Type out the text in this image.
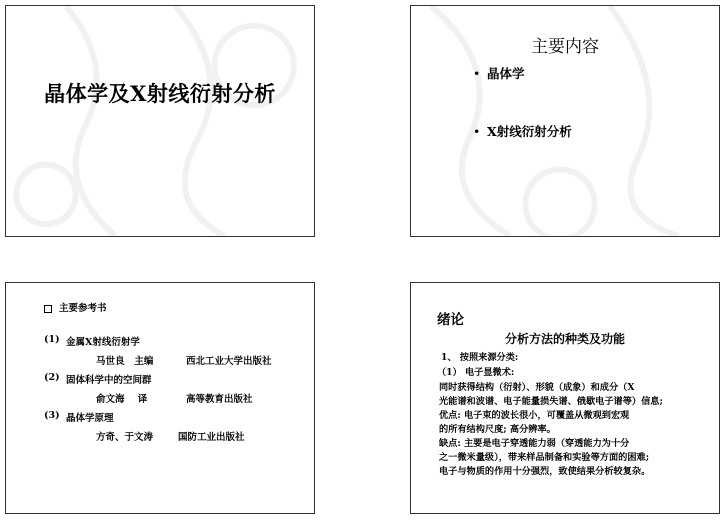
晶体学及X射线衍射分析
主要内容
• 晶体学
• X射线衍射分析
主要参考书
(1) 金属X射线衍射学
马世良   主编	西北工业大学出版社
(2) 固体科学中的空间群
俞文海    译	高等教育出版社
(3) 晶体学原理
方奇、于文涛	国防工业出版社
绪论
分析方法的种类及功能
1、 按照来源分类:
（1） 电子显微术:
同时获得结构（衍射）、形貌（成象）和成分（X
光能谱和波谱、电子能量损失谱、俄歇电子谱等）信息;
优点: 电子束的波长很小，可覆盖从微观到宏观
的所有结构尺度; 高分辨率。
缺点: 主要是电子穿透能力弱（穿透能力为十分
之一微米量级），带来样品制备和实验等方面的困难;
电子与物质的作用十分强烈，致使结果分析较复杂。
